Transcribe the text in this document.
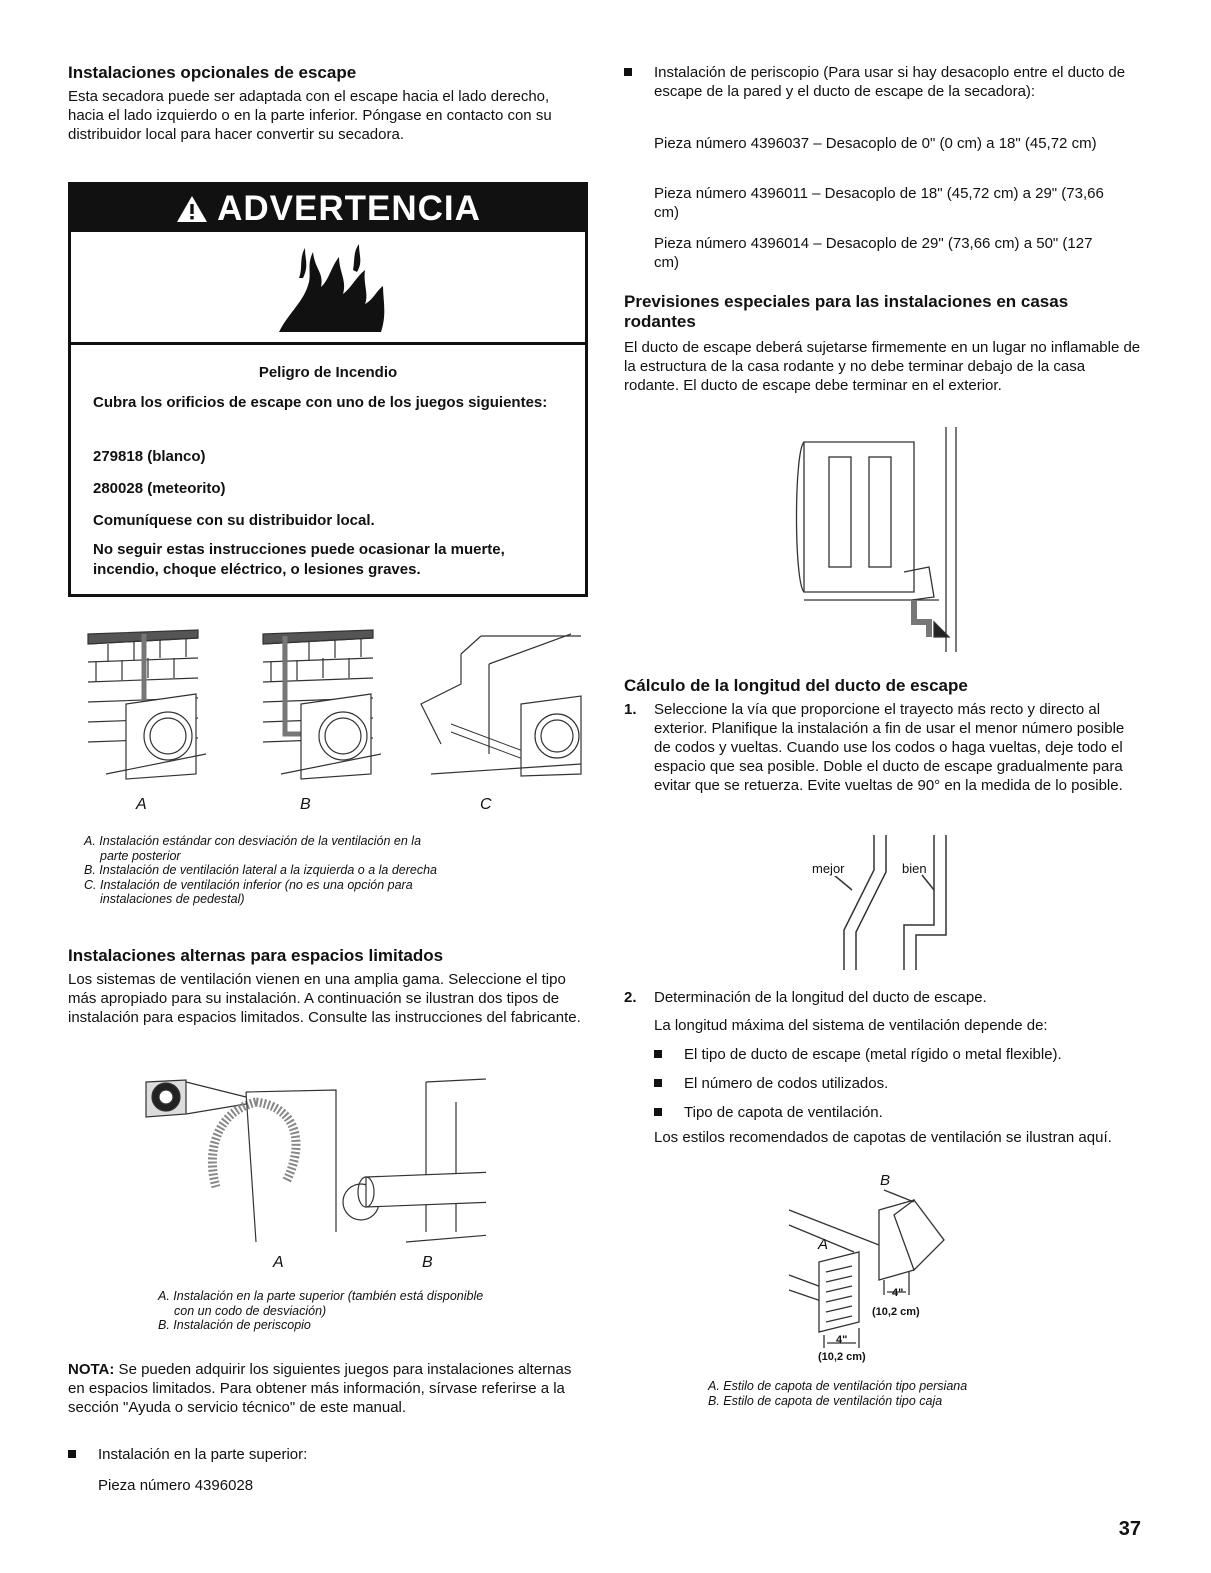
Instalaciones opcionales de escape

Esta secadora puede ser adaptada con el escape hacia el lado derecho, hacia el lado izquierdo o en la parte inferior. Póngase en contacto con su distribuidor local para hacer convertir su secadora.

ADVERTENCIA
Peligro de Incendio
Cubra los orificios de escape con uno de los juegos siguientes:
279818 (blanco)
280028 (meteorito)
Comuníquese con su distribuidor local.
No seguir estas instrucciones puede ocasionar la muerte, incendio, choque eléctrico, o lesiones graves.
A	B	C
A. Instalación estándar con desviación de la ventilación en la
parte posterior
B. Instalación de ventilación lateral a la izquierda o a la derecha
C. Instalación de ventilación inferior (no es una opción para
instalaciones de pedestal)
Instalaciones alternas para espacios limitados

Los sistemas de ventilación vienen en una amplia gama. Seleccione el tipo más apropiado para su instalación. A continuación se ilustran dos tipos de instalación para espacios limitados. Consulte las instrucciones del fabricante.

A	B
A. Instalación en la parte superior (también está disponible
con un codo de desviación)
B. Instalación de periscopio

NOTA: Se pueden adquirir los siguientes juegos para instalaciones alternas en espacios limitados. Para obtener más información, sírvase referirse a la sección "Ayuda o servicio técnico" de este manual.

Instalación en la parte superior:

Pieza número 4396028

Instalación de periscopio (Para usar si hay desacoplo entre el ducto de escape de la pared y el ducto de escape de la secadora):

Pieza número 4396037 – Desacoplo de 0" (0 cm) a 18" (45,72 cm)

Pieza número 4396011 – Desacoplo de 18" (45,72 cm) a 29" (73,66 cm)

Pieza número 4396014 – Desacoplo de 29" (73,66 cm) a 50" (127 cm)

Previsiones especiales para las instalaciones en casas rodantes

El ducto de escape deberá sujetarse firmemente en un lugar no inflamable de la estructura de la casa rodante y no debe terminar debajo de la casa rodante. El ducto de escape debe terminar en el exterior.

Cálculo de la longitud del ducto de escape
1. Seleccione la vía que proporcione el trayecto más recto y directo al exterior. Planifique la instalación a fin de usar el menor número posible de codos y vueltas. Cuando use los codos o haga vueltas, deje todo el espacio que sea posible. Doble el ducto de escape gradualmente para evitar que se retuerza. Evite vueltas de 90° en la medida de lo posible.
mejor	bien
2.	Determinación de la longitud del ducto de escape.

La longitud máxima del sistema de ventilación depende de:

El tipo de ducto de escape (metal rígido o metal flexible).
El número de codos utilizados.
Tipo de capota de ventilación.

Los estilos recomendados de capotas de ventilación se ilustran aquí.

B
A
4"
(10,2 cm)
4"
(10,2 cm)
A. Estilo de capota de ventilación tipo persiana
B. Estilo de capota de ventilación tipo caja
37
